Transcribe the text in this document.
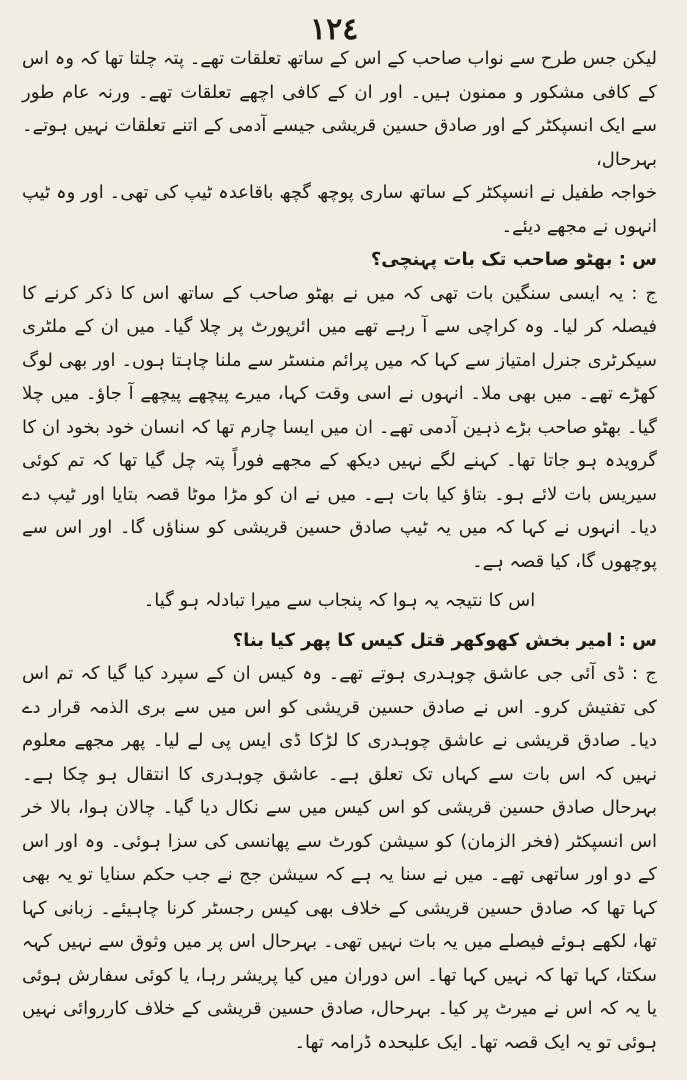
١٢٤

لیکن جس طرح سے نواب صاحب کے اس کے ساتھ تعلقات تھے۔ پتہ چلتا تھا کہ وہ اس کے کافی مشکور و ممنون ہیں۔ اور ان کے کافی اچھے تعلقات تھے۔ ورنہ عام طور سے ایک انسپکٹر کے اور صادق حسین قریشی جیسے آدمی کے اتنے تعلقات نہیں ہوتے۔ بہرحال،

خواجہ طفیل نے انسپکٹر کے ساتھ ساری پوچھ گچھ باقاعدہ ٹیپ کی تھی۔ اور وہ ٹیپ انہوں نے مجھے دیئے۔

س : بھٹو صاحب تک بات پہنچی؟

ج : یہ ایسی سنگین بات تھی کہ میں نے بھٹو صاحب کے ساتھ اس کا ذکر کرنے کا فیصلہ کر لیا۔ وہ کراچی سے آ رہے تھے میں ائرپورٹ پر چلا گیا۔ میں ان کے ملٹری سیکرٹری جنرل امتیاز سے کہا کہ میں پرائم منسٹر سے ملنا چاہتا ہوں۔ اور بھی لوگ کھڑے تھے۔ میں بھی ملا۔ انہوں نے اسی وقت کہا، میرے پیچھے پیچھے آ جاؤ۔ میں چلا گیا۔ بھٹو صاحب بڑے ذہین آدمی تھے۔ ان میں ایسا چارم تھا کہ انسان خود بخود ان کا گرویدہ ہو جاتا تھا۔ کہنے لگے نہیں دیکھ کے مجھے فوراً پتہ چل گیا تھا کہ تم کوئی سیریس بات لائے ہو۔ بتاؤ کیا بات ہے۔ میں نے ان کو مڑا موٹا قصہ بتایا اور ٹیپ دے دیا۔ انہوں نے کہا کہ میں یہ ٹیپ صادق حسین قریشی کو سناؤں گا۔ اور اس سے پوچھوں گا، کیا قصہ ہے۔

اس کا نتیجہ یہ ہوا کہ پنجاب سے میرا تبادلہ ہو گیا۔

س : امیر بخش کھوکھر قتل کیس کا پھر کیا بنا؟

ج : ڈی آئی جی عاشق چوہدری ہوتے تھے۔ وہ کیس ان کے سپرد کیا گیا کہ تم اس کی تفتیش کرو۔ اس نے صادق حسین قریشی کو اس میں سے بری الذمہ قرار دے دیا۔ صادق قریشی نے عاشق چوہدری کا لڑکا ڈی ایس پی لے لیا۔ پھر مجھے معلوم نہیں کہ اس بات سے کہاں تک تعلق ہے۔ عاشق چوہدری کا انتقال ہو چکا ہے۔ بہرحال صادق حسین قریشی کو اس کیس میں سے نکال دیا گیا۔ چالان ہوا، بالا خر اس انسپکٹر (فخر الزمان) کو سیشن کورٹ سے پھانسی کی سزا ہوئی۔ وہ اور اس کے دو اور ساتھی تھے۔ میں نے سنا یہ ہے کہ سیشن جج نے جب حکم سنایا تو یہ بھی کہا تھا کہ صادق حسین قریشی کے خلاف بھی کیس رجسٹر کرنا چاہیئے۔ زبانی کہا تھا، لکھے ہوئے فیصلے میں یہ بات نہیں تھی۔ بہرحال اس پر میں وثوق سے نہیں کہہ سکتا، کہا تھا کہ نہیں کہا تھا۔ اس دوران میں کیا پریشر رہا، یا کوئی سفارش ہوئی یا یہ کہ اس نے میرٹ پر کیا۔ بہرحال، صادق حسین قریشی کے خلاف کارروائی نہیں ہوئی تو یہ ایک قصہ تھا۔ ایک علیحدہ ڈرامہ تھا۔
